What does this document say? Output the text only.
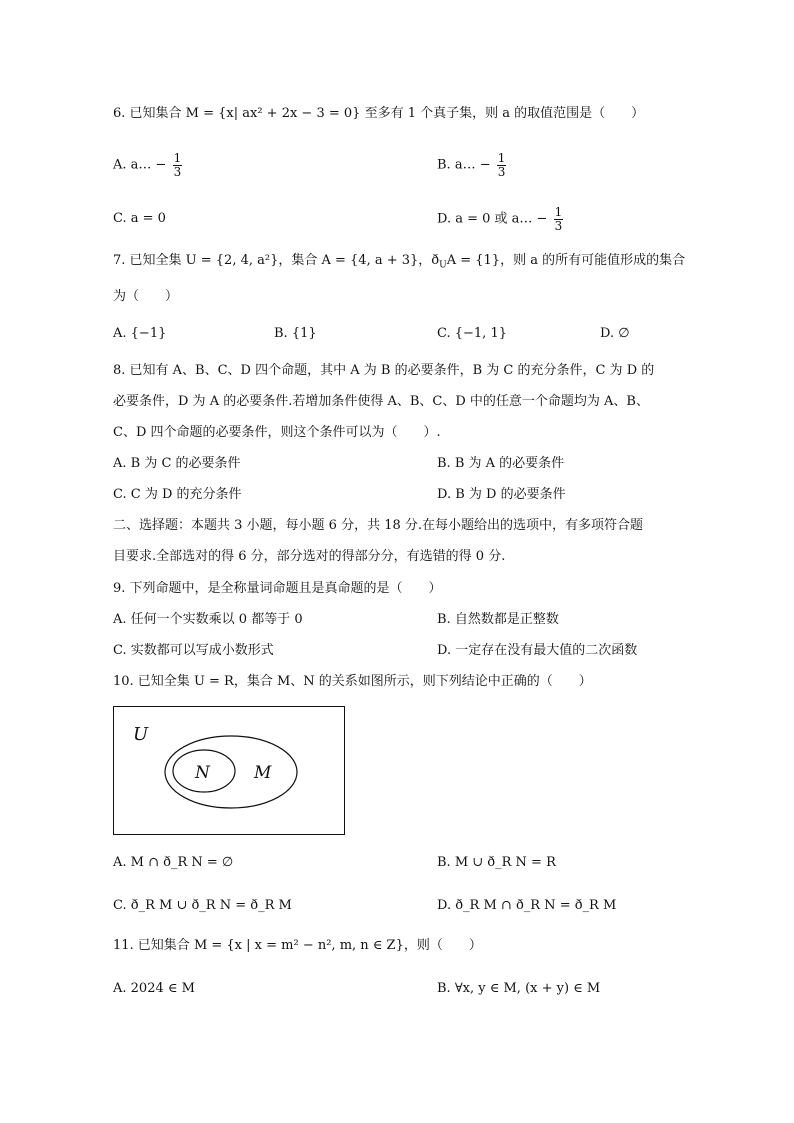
6. 已知集合 M = {x| ax² + 2x − 3 = 0} 至多有 1 个真子集，则 a 的取值范围是（　　）
A. a… − $\frac{1}{3}$	B. a… − $\frac{1}{3}$
C. a = 0	D. a = 0 或 a… − $\frac{1}{3}$
7. 已知全集 U = {2, 4, a²}，集合 A = {4, a + 3}，$ð_UA = \{1\}$，则 a 的所有可能值形成的集合
为（　　）
A. {−1}	B. {1}	C. {−1, 1}	D. ∅
8. 已知有 A、B、C、D 四个命题，其中 A 为 B 的必要条件，B 为 C 的充分条件，C 为 D 的
必要条件，D 为 A 的必要条件.若增加条件使得 A、B、C、D 中的任意一个命题均为 A、B、
C、D 四个命题的必要条件，则这个条件可以为（　　）.
A. B 为 C 的必要条件	B. B 为 A 的必要条件
C. C 为 D 的充分条件	D. B 为 D 的必要条件
二、选择题：本题共 3 小题，每小题 6 分，共 18 分.在每小题给出的选项中，有多项符合题
目要求.全部选对的得 6 分，部分选对的得部分分，有选错的得 0 分.
9. 下列命题中，是全称量词命题且是真命题的是（　　）
A. 任何一个实数乘以 0 都等于 0	B. 自然数都是正整数
C. 实数都可以写成小数形式	D. 一定存在没有最大值的二次函数
10. 已知全集 U = R，集合 M、N 的关系如图所示，则下列结论中正确的（　　）
U
N	M
A. M ∩ ð_R N = ∅	B. M ∪ ð_R N = R
C. ð_R M ∪ ð_R N = ð_R M	D. ð_R M ∩ ð_R N = ð_R M
11. 已知集合 M = {x | x = m² − n², m, n ∈ Z}，则（　　）
A. 2024 ∈ M	B. ∀x, y ∈ M, (x + y) ∈ M
